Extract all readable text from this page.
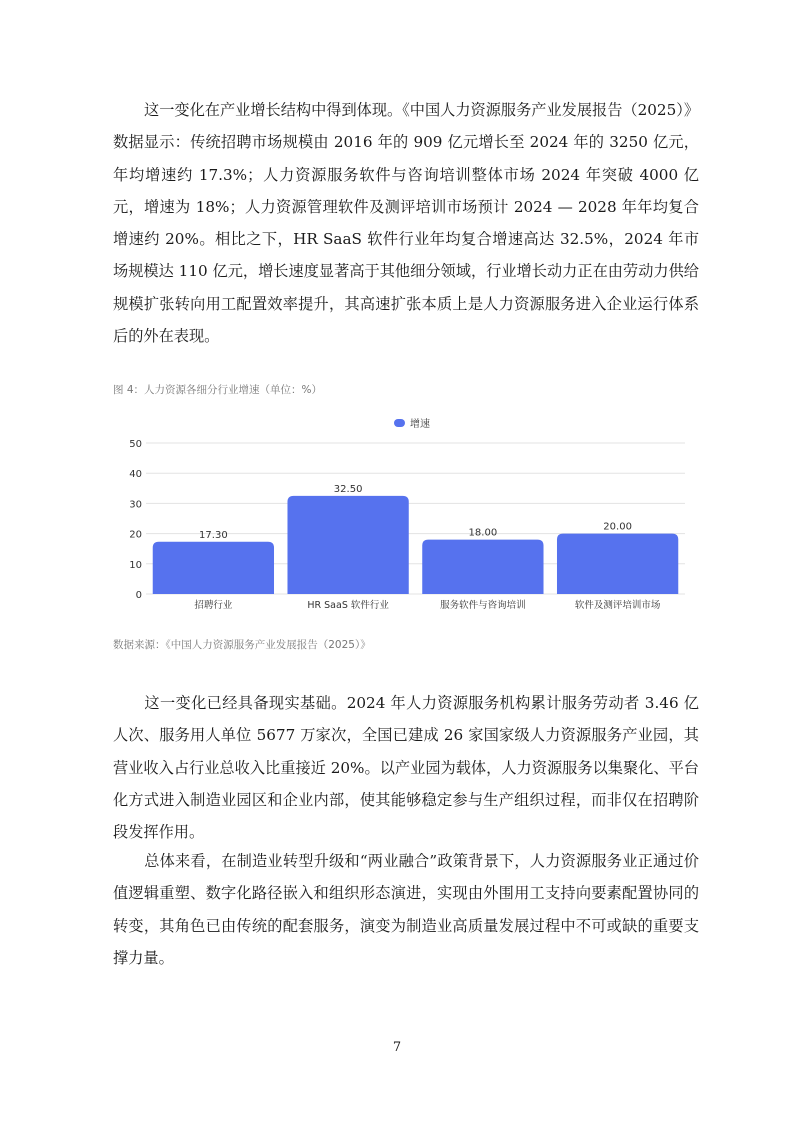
这一变化在产业增长结构中得到体现。《中国人力资源服务产业发展报告（2025）》数据显示：传统招聘市场规模由 2016 年的 909 亿元增长至 2024 年的 3250 亿元，年均增速约 17.3%；人力资源服务软件与咨询培训整体市场 2024 年突破 4000 亿元，增速为 18%；人力资源管理软件及测评培训市场预计 2024 — 2028 年年均复合增速约 20%。相比之下，HR SaaS 软件行业年均复合增速高达 32.5%，2024 年市场规模达 110 亿元，增长速度显著高于其他细分领域，行业增长动力正在由劳动力供给规模扩张转向用工配置效率提升，其高速扩张本质上是人力资源服务进入企业运行体系后的外在表现。

图 4：人力资源各细分行业增速（单位：%）

增速
0
10
20
30
40
50
17.30
招聘行业
32.50
HR SaaS 软件行业
18.00
服务软件与咨询培训
20.00
软件及测评培训市场

数据来源：《中国人力资源服务产业发展报告（2025）》

这一变化已经具备现实基础。2024 年人力资源服务机构累计服务劳动者 3.46 亿人次、服务用人单位 5677 万家次，全国已建成 26 家国家级人力资源服务产业园，其营业收入占行业总收入比重接近 20%。以产业园为载体，人力资源服务以集聚化、平台化方式进入制造业园区和企业内部，使其能够稳定参与生产组织过程，而非仅在招聘阶段发挥作用。

总体来看，在制造业转型升级和“两业融合”政策背景下，人力资源服务业正通过价值逻辑重塑、数字化路径嵌入和组织形态演进，实现由外围用工支持向要素配置协同的转变，其角色已由传统的配套服务，演变为制造业高质量发展过程中不可或缺的重要支撑力量。

7
